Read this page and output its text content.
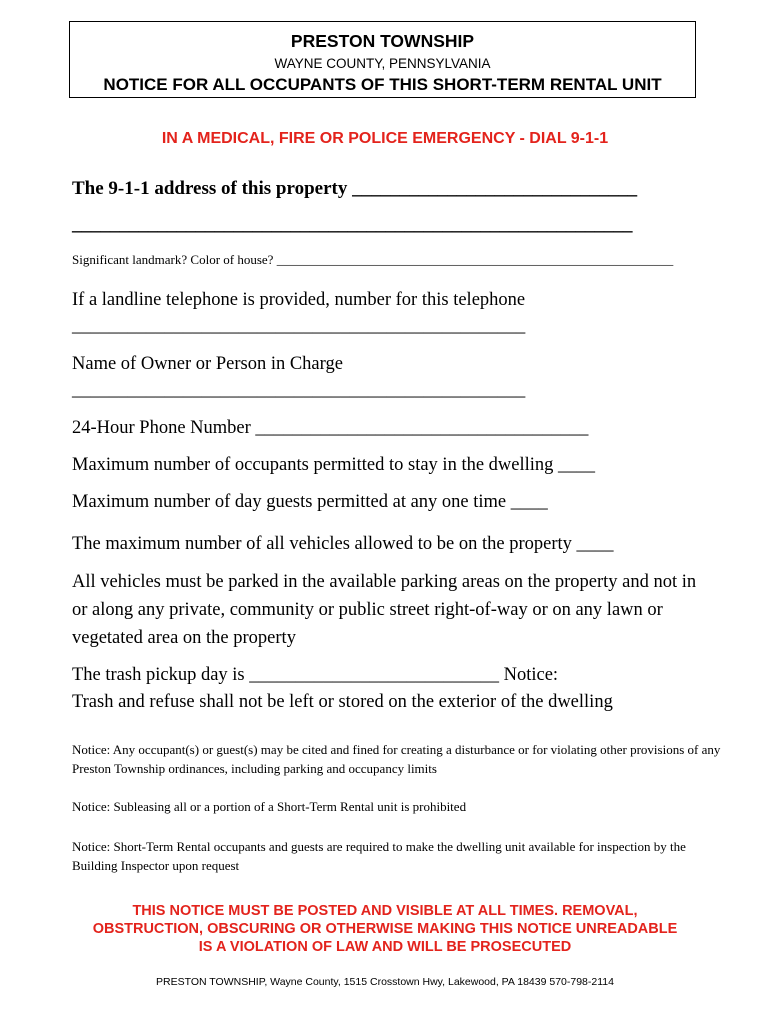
PRESTON TOWNSHIP
WAYNE COUNTY, PENNSYLVANIA
NOTICE FOR ALL OCCUPANTS OF THIS SHORT-TERM RENTAL UNIT
IN A MEDICAL, FIRE OR POLICE EMERGENCY - DIAL 9-1-1
The 9-1-1 address of this property ______________________________
___________________________________________________________
Significant landmark? Color of house? _____________________________________________________________
If a landline telephone is provided, number for this telephone
_________________________________________________
Name of Owner or Person in Charge
_________________________________________________
24-Hour Phone Number ____________________________________
Maximum number of occupants permitted to stay in the dwelling ____
Maximum number of day guests permitted at any one time ____
The maximum number of all vehicles allowed to be on the property ____
All vehicles must be parked in the available parking areas on the property and not in or along any private, community or public street right-of-way or on any lawn or vegetated area on the property
The trash pickup day is ___________________________ Notice:
Trash and refuse shall not be left or stored on the exterior of the dwelling
Notice: Any occupant(s) or guest(s) may be cited and fined for creating a disturbance or for violating other provisions of any Preston Township ordinances, including parking and occupancy limits
Notice: Subleasing all or a portion of a Short-Term Rental unit is prohibited
Notice: Short-Term Rental occupants and guests are required to make the dwelling unit available for inspection by the Building Inspector upon request
THIS NOTICE MUST BE POSTED AND VISIBLE AT ALL TIMES. REMOVAL,
OBSTRUCTION, OBSCURING OR OTHERWISE MAKING THIS NOTICE UNREADABLE
IS A VIOLATION OF LAW AND WILL BE PROSECUTED
PRESTON TOWNSHIP, Wayne County, 1515 Crosstown Hwy, Lakewood, PA 18439 570-798-2114
